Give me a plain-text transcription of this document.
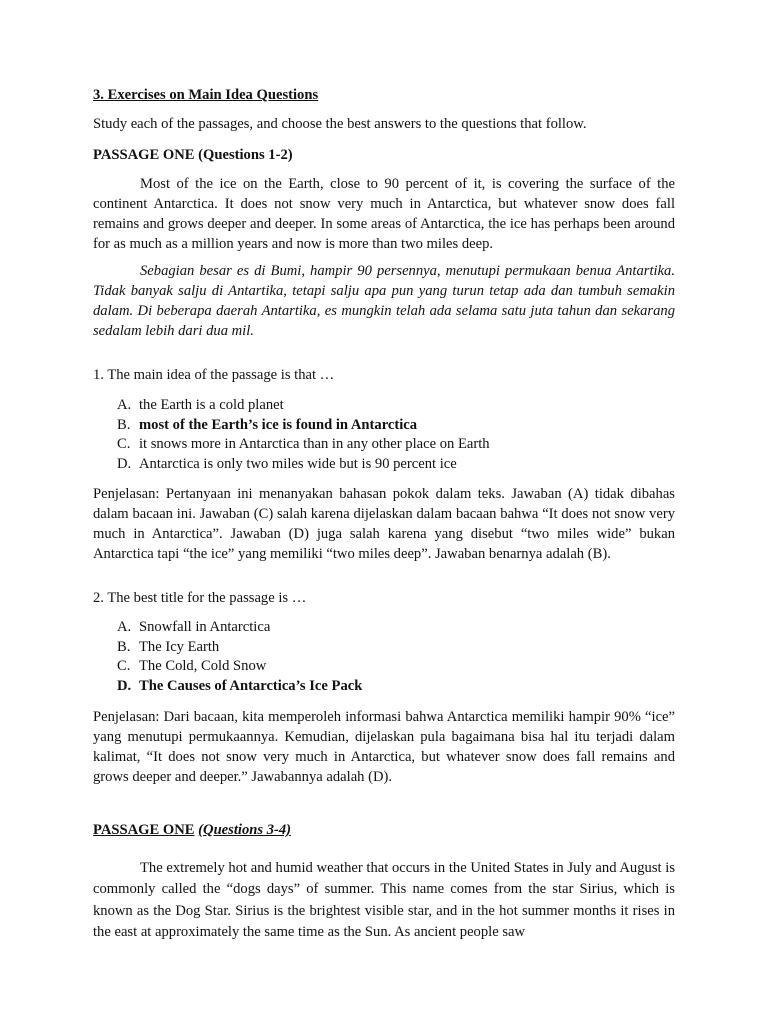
3. Exercises on Main Idea Questions

Study each of the passages, and choose the best answers to the questions that follow.

PASSAGE ONE (Questions 1-2)

Most of the ice on the Earth, close to 90 percent of it, is covering the surface of the continent Antarctica. It does not snow very much in Antarctica, but whatever snow does fall remains and grows deeper and deeper. In some areas of Antarctica, the ice has perhaps been around for as much as a million years and now is more than two miles deep.

Sebagian besar es di Bumi, hampir 90 persennya, menutupi permukaan benua Antartika. Tidak banyak salju di Antartika, tetapi salju apa pun yang turun tetap ada dan tumbuh semakin dalam. Di beberapa daerah Antartika, es mungkin telah ada selama satu juta tahun dan sekarang sedalam lebih dari dua mil.

1. The main idea of the passage is that …

A. the Earth is a cold planet
B. most of the Earth’s ice is found in Antarctica
C. it snows more in Antarctica than in any other place on Earth
D. Antarctica is only two miles wide but is 90 percent ice

Penjelasan: Pertanyaan ini menanyakan bahasan pokok dalam teks. Jawaban (A) tidak dibahas dalam bacaan ini. Jawaban (C) salah karena dijelaskan dalam bacaan bahwa “It does not snow very much in Antarctica”. Jawaban (D) juga salah karena yang disebut “two miles wide” bukan Antarctica tapi “the ice” yang memiliki “two miles deep”. Jawaban benarnya adalah (B).

2. The best title for the passage is …

A. Snowfall in Antarctica
B. The Icy Earth
C. The Cold, Cold Snow
D. The Causes of Antarctica’s Ice Pack

Penjelasan: Dari bacaan, kita memperoleh informasi bahwa Antarctica memiliki hampir 90% “ice” yang menutupi permukaannya. Kemudian, dijelaskan pula bagaimana bisa hal itu terjadi dalam kalimat, “It does not snow very much in Antarctica, but whatever snow does fall remains and grows deeper and deeper.” Jawabannya adalah (D).

PASSAGE ONE (Questions 3-4)

The extremely hot and humid weather that occurs in the United States in July and August is commonly called the “dogs days” of summer. This name comes from the star Sirius, which is known as the Dog Star. Sirius is the brightest visible star, and in the hot summer months it rises in the east at approximately the same time as the Sun. As ancient people saw
